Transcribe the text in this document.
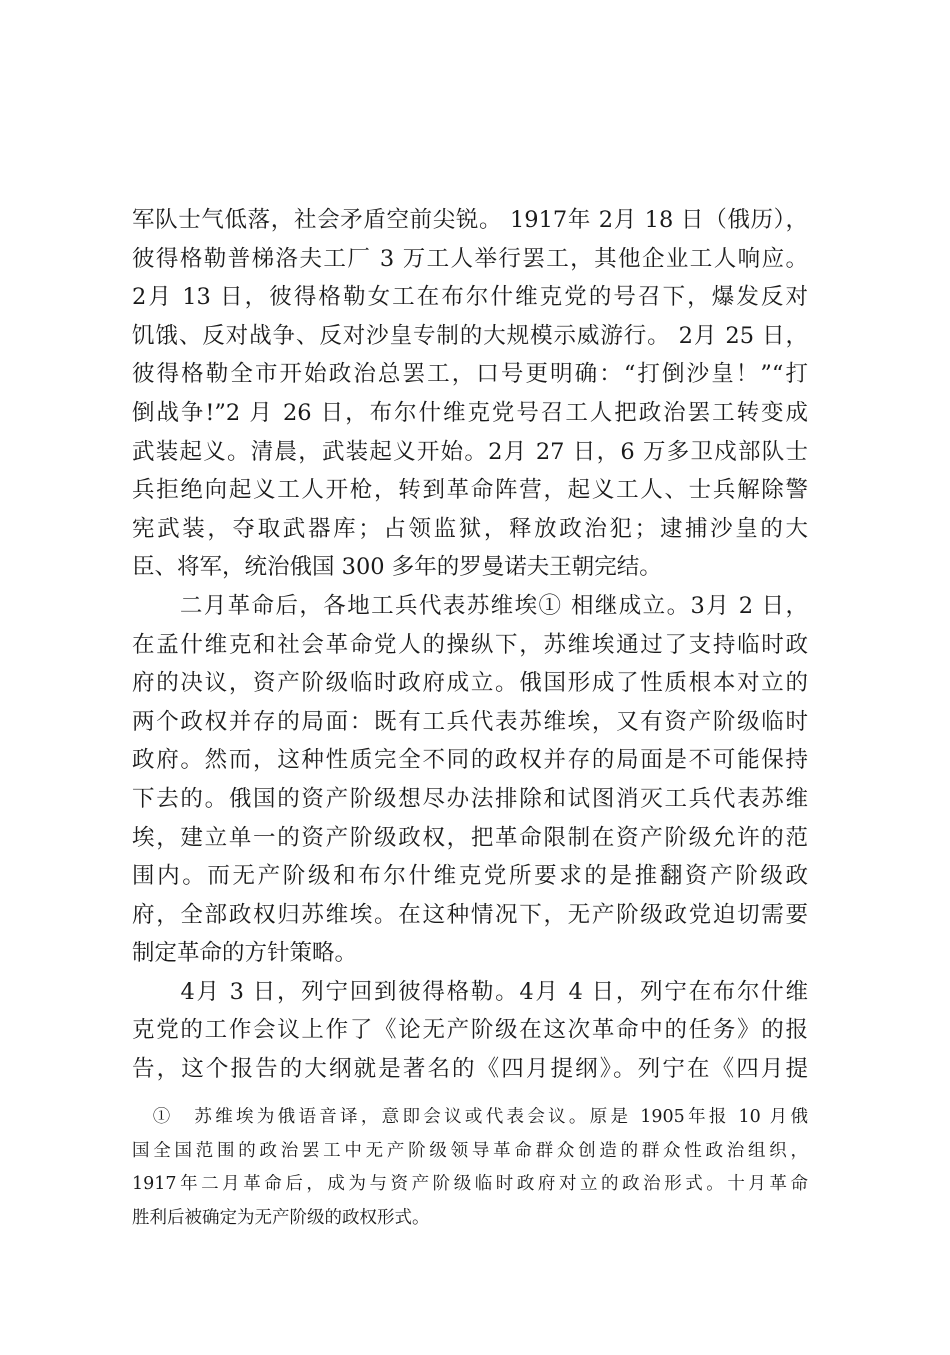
军队士气低落，社会矛盾空前尖锐。 1917年 2月 18 日（俄历），
彼得格勒普梯洛夫工厂 3 万工人举行罢工，其他企业工人响应。
2月 13 日，彼得格勒女工在布尔什维克党的号召下，爆发反对
饥饿、反对战争、反对沙皇专制的大规模示威游行。 2月 25 日，
彼得格勒全市开始政治总罢工，口号更明确：“打倒沙皇！”“打
倒战争!”2 月 26 日，布尔什维克党号召工人把政治罢工转变成
武装起义。清晨，武装起义开始。2月 27 日，6 万多卫戍部队士
兵拒绝向起义工人开枪，转到革命阵营，起义工人、士兵解除警
宪武装，夺取武器库；占领监狱，释放政治犯；逮捕沙皇的大
臣、将军，统治俄国 300 多年的罗曼诺夫王朝完结。
　　二月革命后，各地工兵代表苏维埃① 相继成立。3月 2 日，
在孟什维克和社会革命党人的操纵下，苏维埃通过了支持临时政
府的决议，资产阶级临时政府成立。俄国形成了性质根本对立的
两个政权并存的局面：既有工兵代表苏维埃，又有资产阶级临时
政府。然而，这种性质完全不同的政权并存的局面是不可能保持
下去的。俄国的资产阶级想尽办法排除和试图消灭工兵代表苏维
埃，建立单一的资产阶级政权，把革命限制在资产阶级允许的范
围内。而无产阶级和布尔什维克党所要求的是推翻资产阶级政
府，全部政权归苏维埃。在这种情况下，无产阶级政党迫切需要
制定革命的方针策略。
　　4月 3 日，列宁回到彼得格勒。4月 4 日，列宁在布尔什维
克党的工作会议上作了《论无产阶级在这次革命中的任务》的报
告，这个报告的大纲就是著名的《四月提纲》。列宁在《四月提
　①　苏维埃为俄语音译，意即会议或代表会议。原是 1905年报 10 月俄
国全国范围的政治罢工中无产阶级领导革命群众创造的群众性政治组织，
1917年二月革命后，成为与资产阶级临时政府对立的政治形式。十月革命
胜利后被确定为无产阶级的政权形式。
